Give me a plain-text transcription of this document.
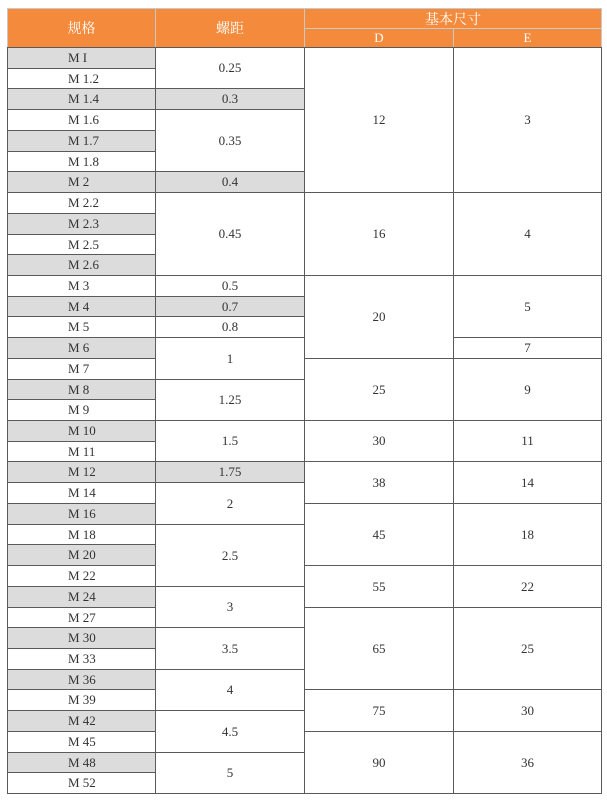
规格	螺距
基本尺寸
D	E
M I
M 1.2
M 1.4
M 1.6
M 1.7
M 1.8
M 2
M 2.2
M 2.3
M 2.5
M 2.6
M 3
M 4
M 5
M 6
M 7
M 8
M 9
M 10
M 11
M 12
M 14
M 16
M 18
M 20
M 22
M 24
M 27
M 30
M 33
M 36
M 39
M 42
M 45
M 48
M 52
0.25
0.3
0.35
0.4
0.45
0.5
0.7
0.8
1
1.25
1.5
1.75
2
2.5
3
3.5
4
4.5
5
12
16
20
25
30
38
45
55
65
75
90
3
4
5
7
9
11
14
18
22
25
30
36
